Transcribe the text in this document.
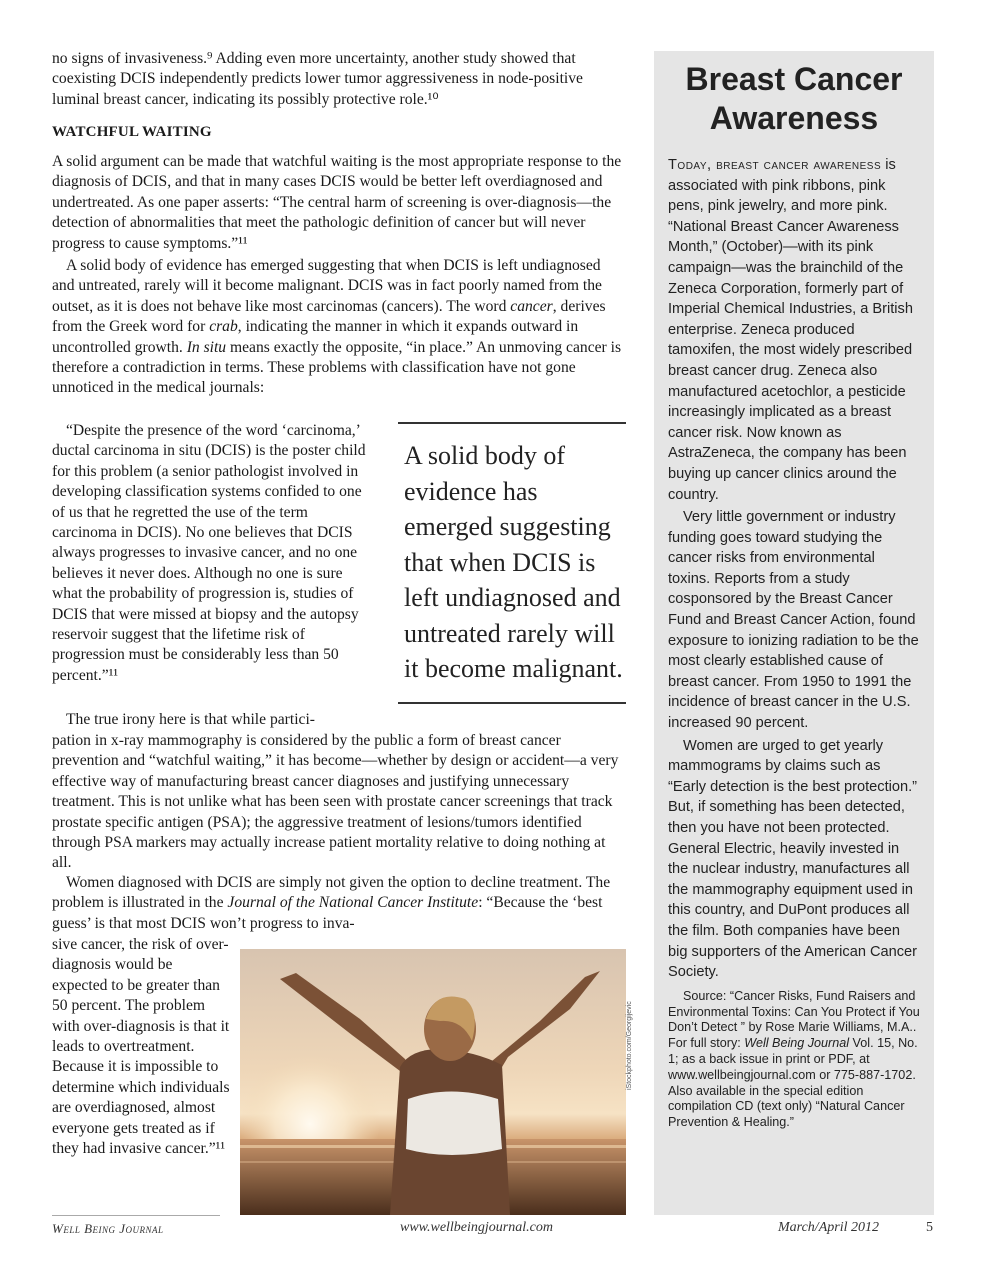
no signs of invasiveness.⁹ Adding even more uncertainty, another study showed that coexisting DCIS independently predicts lower tumor aggressiveness in node-positive luminal breast cancer, indicating its possibly protective role.¹⁰

WATCHFUL WAITING

A solid argument can be made that watchful waiting is the most appropriate response to the diagnosis of DCIS, and that in many cases DCIS would be better left overdiagnosed and undertreated. As one paper asserts: “The central harm of screening is over-diagnosis—the detection of abnormalities that meet the pathologic definition of cancer but will never progress to cause symptoms.”¹¹

A solid body of evidence has emerged suggesting that when DCIS is left undiagnosed and untreated, rarely will it become malignant. DCIS was in fact poorly named from the outset, as it is does not behave like most carcinomas (cancers). The word cancer, derives from the Greek word for crab, indicating the manner in which it expands outward in uncontrolled growth. In situ means exactly the opposite, “in place.” An unmoving cancer is therefore a contradiction in terms. These problems with classification have not gone unnoticed in the medical journals:

“Despite the presence of the word ‘carcinoma,’ ductal carcinoma in situ (DCIS) is the poster child for this problem (a senior pathologist involved in developing classification systems confided to one of us that he regretted the use of the term carcinoma in DCIS). No one believes that DCIS always progresses to invasive cancer, and no one believes it never does. Although no one is sure what the probability of progression is, studies of DCIS that were missed at biopsy and the autopsy reservoir suggest that the lifetime risk of progression must be considerably less than 50 percent.”¹¹

A solid body of evidence has emerged suggesting that when DCIS is left undiagnosed and untreated rarely will it become malignant.

The true irony here is that while partici-

pation in x-ray mammography is considered by the public a form of breast cancer prevention and “watchful waiting,” it has become—whether by design or accident—a very effective way of manufacturing breast cancer diagnoses and justifying unnecessary treatment. This is not unlike what has been seen with prostate cancer screenings that track prostate specific antigen (PSA); the aggressive treatment of lesions/tumors identified through PSA markers may actually increase patient mortality relative to doing nothing at all.

Women diagnosed with DCIS are simply not given the option to decline treatment. The problem is illustrated in the Journal of the National Cancer Institute: “Because the ‘best guess’ is that most DCIS won’t progress to inva-

sive cancer, the risk of over-diagnosis would be expected to be greater than 50 percent. The problem with over-diagnosis is that it leads to overtreatment. Because it is impossible to determine which individuals are overdiagnosed, almost everyone gets treated as if they had invasive cancer.”¹¹

iStockphoto.com/Georgijevic
Breast Cancer Awareness

Today, breast cancer awareness is associated with pink ribbons, pink pens, pink jewelry, and more pink. “National Breast Cancer Awareness Month,” (October)—with its pink campaign—was the brainchild of the Zeneca Corporation, formerly part of Imperial Chemical Industries, a British enterprise. Zeneca produced tamoxifen, the most widely prescribed breast cancer drug. Zeneca also manufactured acetochlor, a pesticide increasingly implicated as a breast cancer risk. Now known as AstraZeneca, the company has been buying up cancer clinics around the country.

Very little government or industry funding goes toward studying the cancer risks from environmental toxins. Reports from a study cosponsored by the Breast Cancer Fund and Breast Cancer Action, found exposure to ionizing radiation to be the most clearly established cause of breast cancer. From 1950 to 1991 the incidence of breast cancer in the U.S. increased 90 percent.

Women are urged to get yearly mammograms by claims such as “Early detection is the best protection.” But, if something has been detected, then you have not been protected. General Electric, heavily invested in the nuclear industry, manufactures all the mammography equipment used in this country, and DuPont produces all the film. Both companies have been big supporters of the American Cancer Society.

Source: “Cancer Risks, Fund Raisers and Environmental Toxins: Can You Protect if You Don’t Detect ” by Rose Marie Williams, M.A.. For full story: Well Being Journal Vol. 15, No. 1; as a back issue in print or PDF, at www.wellbeingjournal.com or 775-887-1702. Also available in the special edition compilation CD (text only) “Natural Cancer Prevention & Healing.”

Well Being Journal	www.wellbeingjournal.com	March/April 2012	5
